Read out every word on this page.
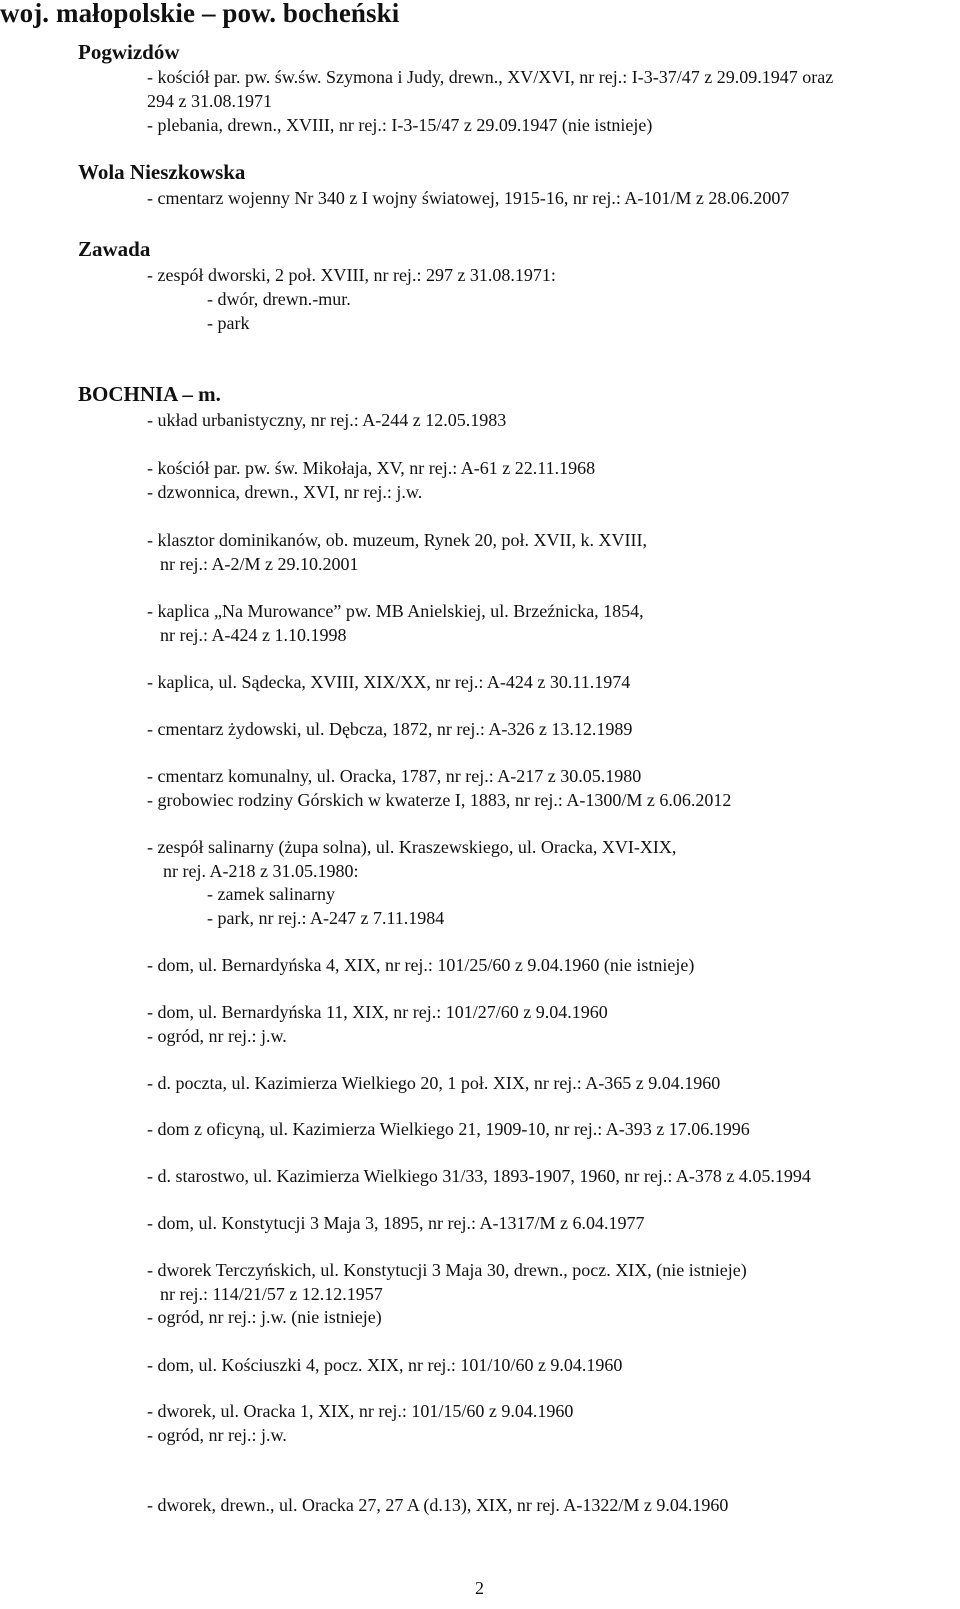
woj. małopolskie – pow. bocheński
Pogwizdów
- kościół par. pw. św.św. Szymona i Judy, drewn., XV/XVI, nr rej.: I-3-37/47 z 29.09.1947 oraz
294 z 31.08.1971
- plebania, drewn., XVIII, nr rej.: I-3-15/47 z 29.09.1947 (nie istnieje)
Wola Nieszkowska
- cmentarz wojenny Nr 340 z I wojny światowej, 1915-16, nr rej.: A-101/M z 28.06.2007
Zawada
- zespół dworski, 2 poł. XVIII, nr rej.: 297 z 31.08.1971:
- dwór, drewn.-mur.
- park
BOCHNIA – m.
- układ urbanistyczny, nr rej.: A-244 z 12.05.1983
- kościół par. pw. św. Mikołaja, XV, nr rej.: A-61 z 22.11.1968
- dzwonnica, drewn., XVI, nr rej.: j.w.
- klasztor dominikanów, ob. muzeum, Rynek 20, poł. XVII, k. XVIII,
nr rej.: A-2/M z 29.10.2001
- kaplica „Na Murowance” pw. MB Anielskiej, ul. Brzeźnicka, 1854,
nr rej.: A-424 z 1.10.1998
- kaplica, ul. Sądecka, XVIII, XIX/XX, nr rej.: A-424 z 30.11.1974
- cmentarz żydowski, ul. Dębcza, 1872, nr rej.: A-326 z 13.12.1989
- cmentarz komunalny, ul. Oracka, 1787, nr rej.: A-217 z 30.05.1980
- grobowiec rodziny Górskich w kwaterze I, 1883, nr rej.: A-1300/M z 6.06.2012
- zespół salinarny (żupa solna), ul. Kraszewskiego, ul. Oracka, XVI-XIX,
nr rej. A-218 z 31.05.1980:
- zamek salinarny
- park, nr rej.: A-247 z 7.11.1984
- dom, ul. Bernardyńska 4, XIX, nr rej.: 101/25/60 z 9.04.1960 (nie istnieje)
- dom, ul. Bernardyńska 11, XIX, nr rej.: 101/27/60 z 9.04.1960
- ogród, nr rej.: j.w.
- d. poczta, ul. Kazimierza Wielkiego 20, 1 poł. XIX, nr rej.: A-365 z 9.04.1960
- dom z oficyną, ul. Kazimierza Wielkiego 21, 1909-10, nr rej.: A-393 z 17.06.1996
- d. starostwo, ul. Kazimierza Wielkiego 31/33, 1893-1907, 1960, nr rej.: A-378 z 4.05.1994
- dom, ul. Konstytucji 3 Maja 3, 1895, nr rej.: A-1317/M z 6.04.1977
- dworek Terczyńskich, ul. Konstytucji 3 Maja 30, drewn., pocz. XIX, (nie istnieje)
nr rej.: 114/21/57 z 12.12.1957
- ogród, nr rej.: j.w. (nie istnieje)
- dom, ul. Kościuszki 4, pocz. XIX, nr rej.: 101/10/60 z 9.04.1960
- dworek, ul. Oracka 1, XIX, nr rej.: 101/15/60 z 9.04.1960
- ogród, nr rej.: j.w.
- dworek, drewn., ul. Oracka 27, 27 A (d.13), XIX, nr rej. A-1322/M z 9.04.1960
2
